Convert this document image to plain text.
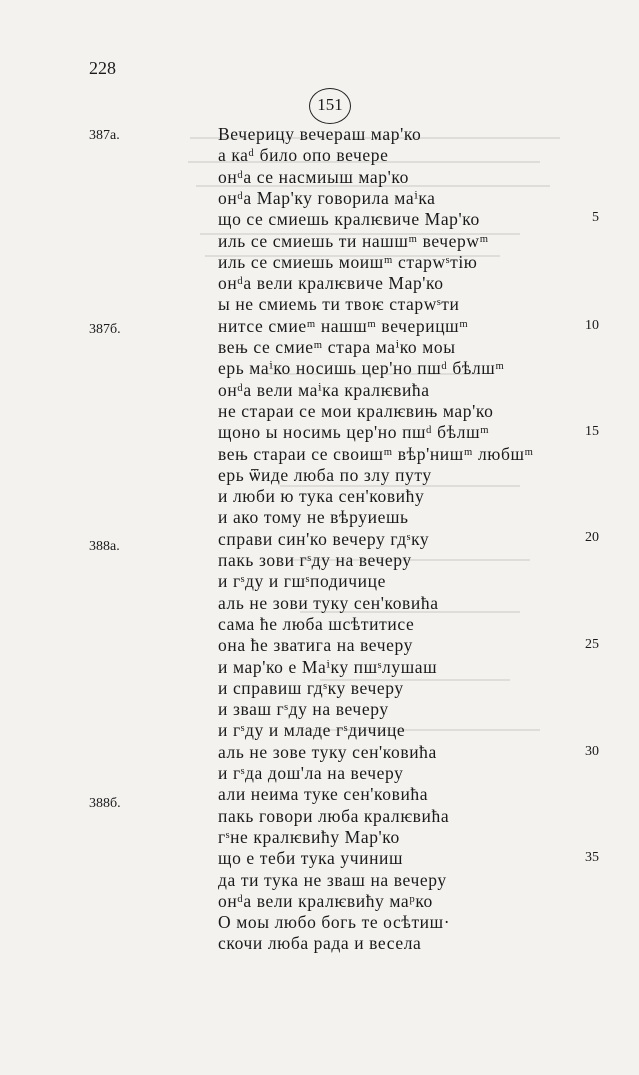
228
151
387a.
387б.
388a.
388б.
5
10
15
20
25
30
35
Вечерицу вечераш мар'ко
а каᵈ било опо вечере
онᵈа се насмиыш мар'ко
онᵈа Мар'ку говорила маⁱка
що се смиешь кралѥвиче Мар'ко
иль се смиешь ти нашшᵐ вечерᴡᵐ
иль се смиешь моишᵐ старᴡˢтiю
онᵈа вели кралѥвиче Мар'ко
ы не смиемь ти твоѥ старᴡˢти
нитсе смиеᵐ нашшᵐ вечерицшᵐ
вењ се смиеᵐ стара маⁱко моы
ерь маⁱко носишь цер'но пшᵈ бѣлшᵐ
онᵈа вели маⁱка кралѥвића
не стараи се мои кралѥвињ мар'ко
щоно ы носимь цер'но пшᵈ бѣлшᵐ
вењ стараи се своишᵐ вѣр'нишᵐ любшᵐ
ерь ѿиде люба по злу путу
и люби ю тука сен'ковићу
и ако тому не вѣруиешь
справи син'ко вечеру гдˢку
пакь зови гˢду на вечеру
и гˢду и гшˢподичице
аль не зови туку сен'ковића
сама ће люба шсѣтитисе
она ће зватига на вечеру
и мар'ко е Маⁱку пшˢлушаш
и справиш гдˢку вечеру
и зваш гˢду на вечеру
и гˢду и младе гˢдичице
аль не зове туку сен'ковића
и гˢда дош'ла на вечеру
али неима туке сен'ковића
пакь говори люба кралѥвића
гˢне кралѥвићу Мар'ко
що е теби тука учиниш
да ти тука не зваш на вечеру
онᵈа вели кралѥвићу маᵖко
О моы любо богь те осѣтиш·
скочи люба рада и весела
